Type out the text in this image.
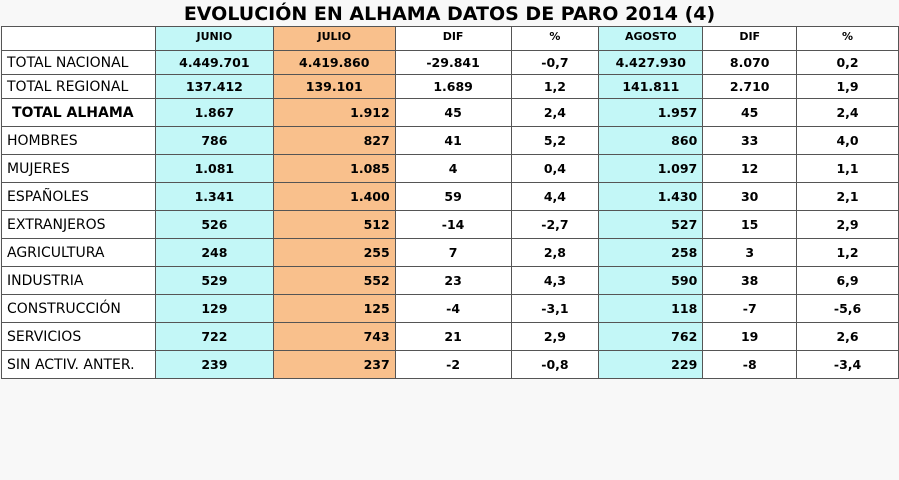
EVOLUCIÓN EN ALHAMA DATOS DE PARO 2014 (4)
	JUNIO	JULIO	DIF	%	AGOSTO	DIF	%
TOTAL NACIONAL	4.449.701	4.419.860	-29.841	-0,7	4.427.930	8.070	0,2
TOTAL REGIONAL	137.412	139.101	1.689	1,2	141.811	2.710	1,9
TOTAL ALHAMA	1.867	1.912	45	2,4	1.957	45	2,4
HOMBRES	786	827	41	5,2	860	33	4,0
MUJERES	1.081	1.085	4	0,4	1.097	12	1,1
ESPAÑOLES	1.341	1.400	59	4,4	1.430	30	2,1
EXTRANJEROS	526	512	-14	-2,7	527	15	2,9
AGRICULTURA	248	255	7	2,8	258	3	1,2
INDUSTRIA	529	552	23	4,3	590	38	6,9
CONSTRUCCIÓN	129	125	-4	-3,1	118	-7	-5,6
SERVICIOS	722	743	21	2,9	762	19	2,6
SIN ACTIV. ANTER.	239	237	-2	-0,8	229	-8	-3,4
